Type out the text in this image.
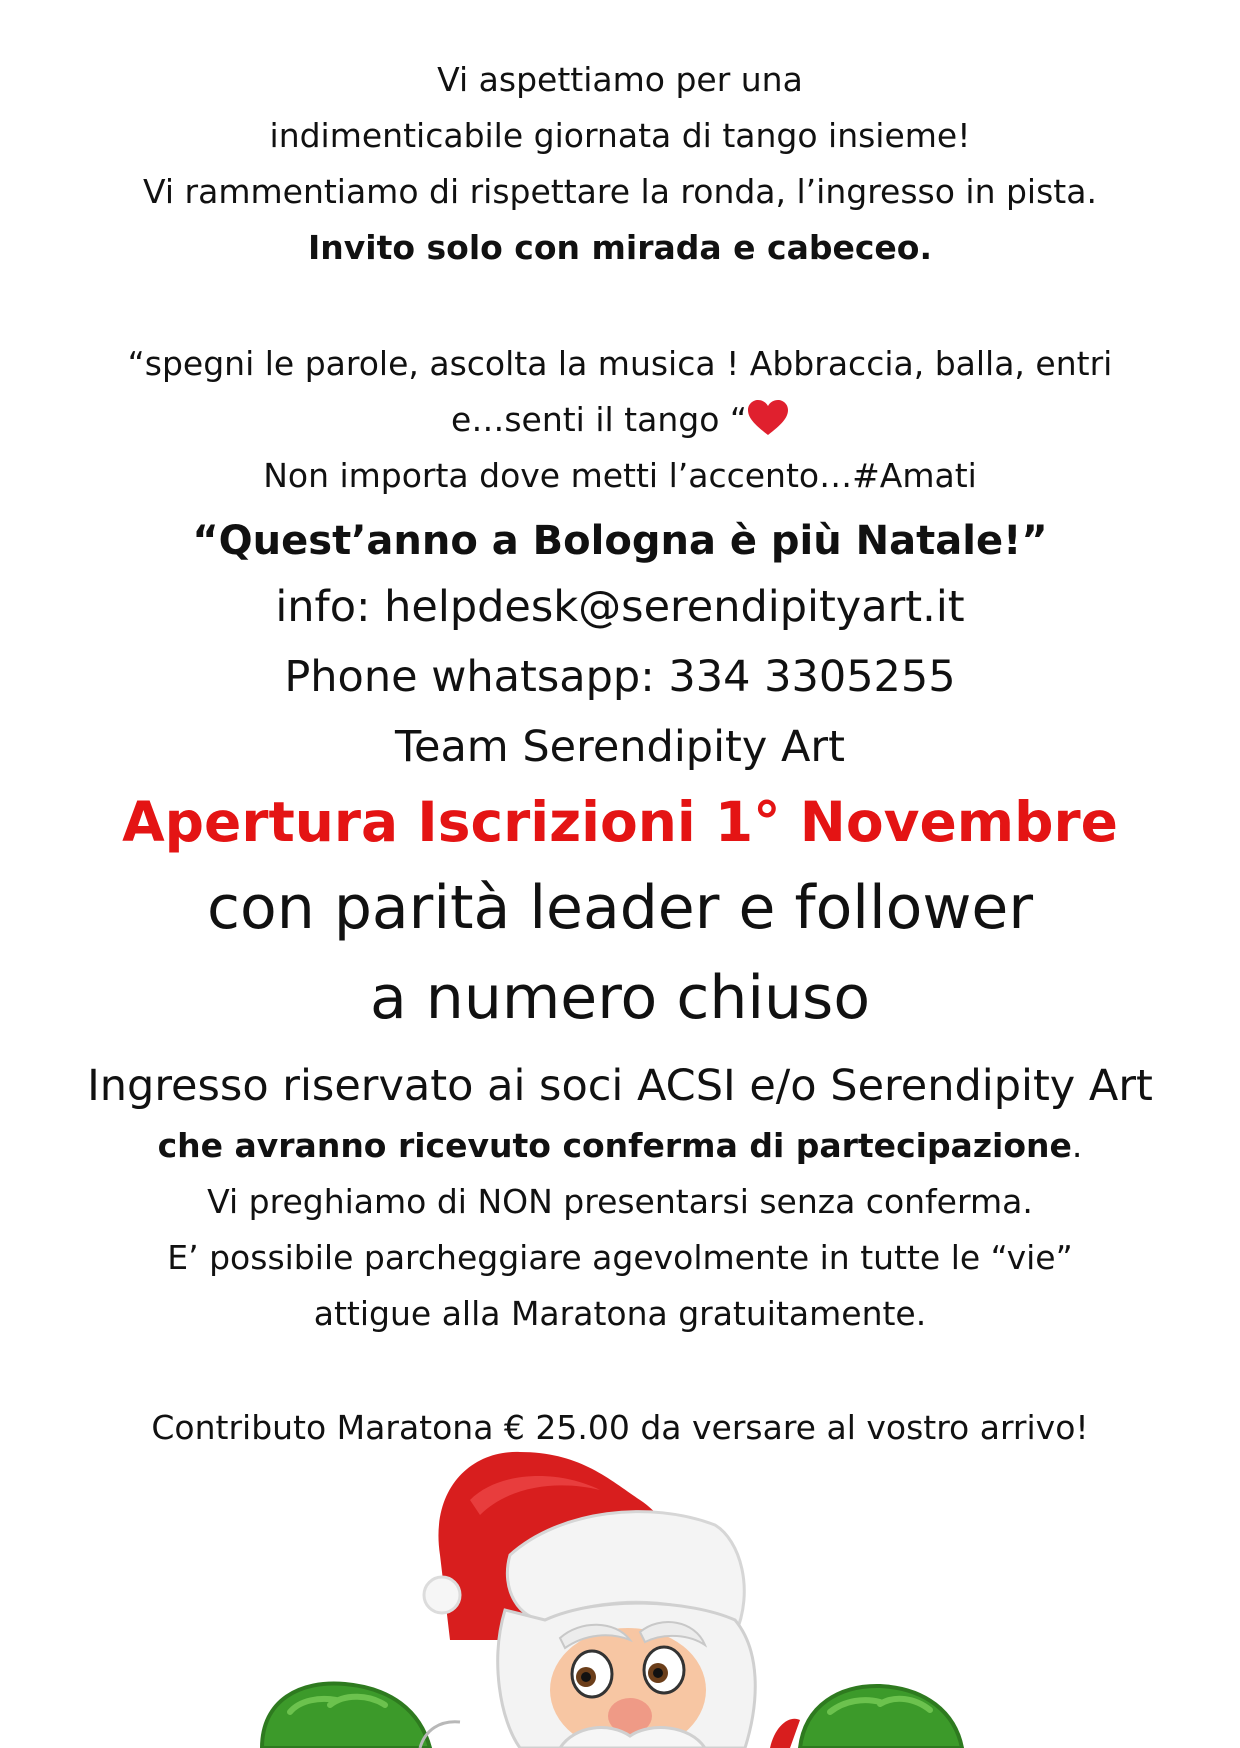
Vi aspettiamo per una
indimenticabile giornata di tango insieme!
Vi rammentiamo di rispettare la ronda, l’ingresso in pista.
Invito solo con mirada e cabeceo.
“spegni le parole, ascolta la musica ! Abbraccia, balla, entri
e…senti il tango “
Non importa dove metti l’accento…#Amati
“Quest’anno a Bologna è più Natale!”
info: helpdesk@serendipityart.it
Phone whatsapp: 334 3305255
Team Serendipity Art
Apertura Iscrizioni 1° Novembre
con parità leader e follower
a numero chiuso
Ingresso riservato ai soci ACSI e/o Serendipity Art
che avranno ricevuto conferma di partecipazione.
Vi preghiamo di NON presentarsi senza conferma.
E’ possibile parcheggiare agevolmente in tutte le “vie”
attigue alla Maratona gratuitamente.
Contributo Maratona € 25.00 da versare al vostro arrivo!
